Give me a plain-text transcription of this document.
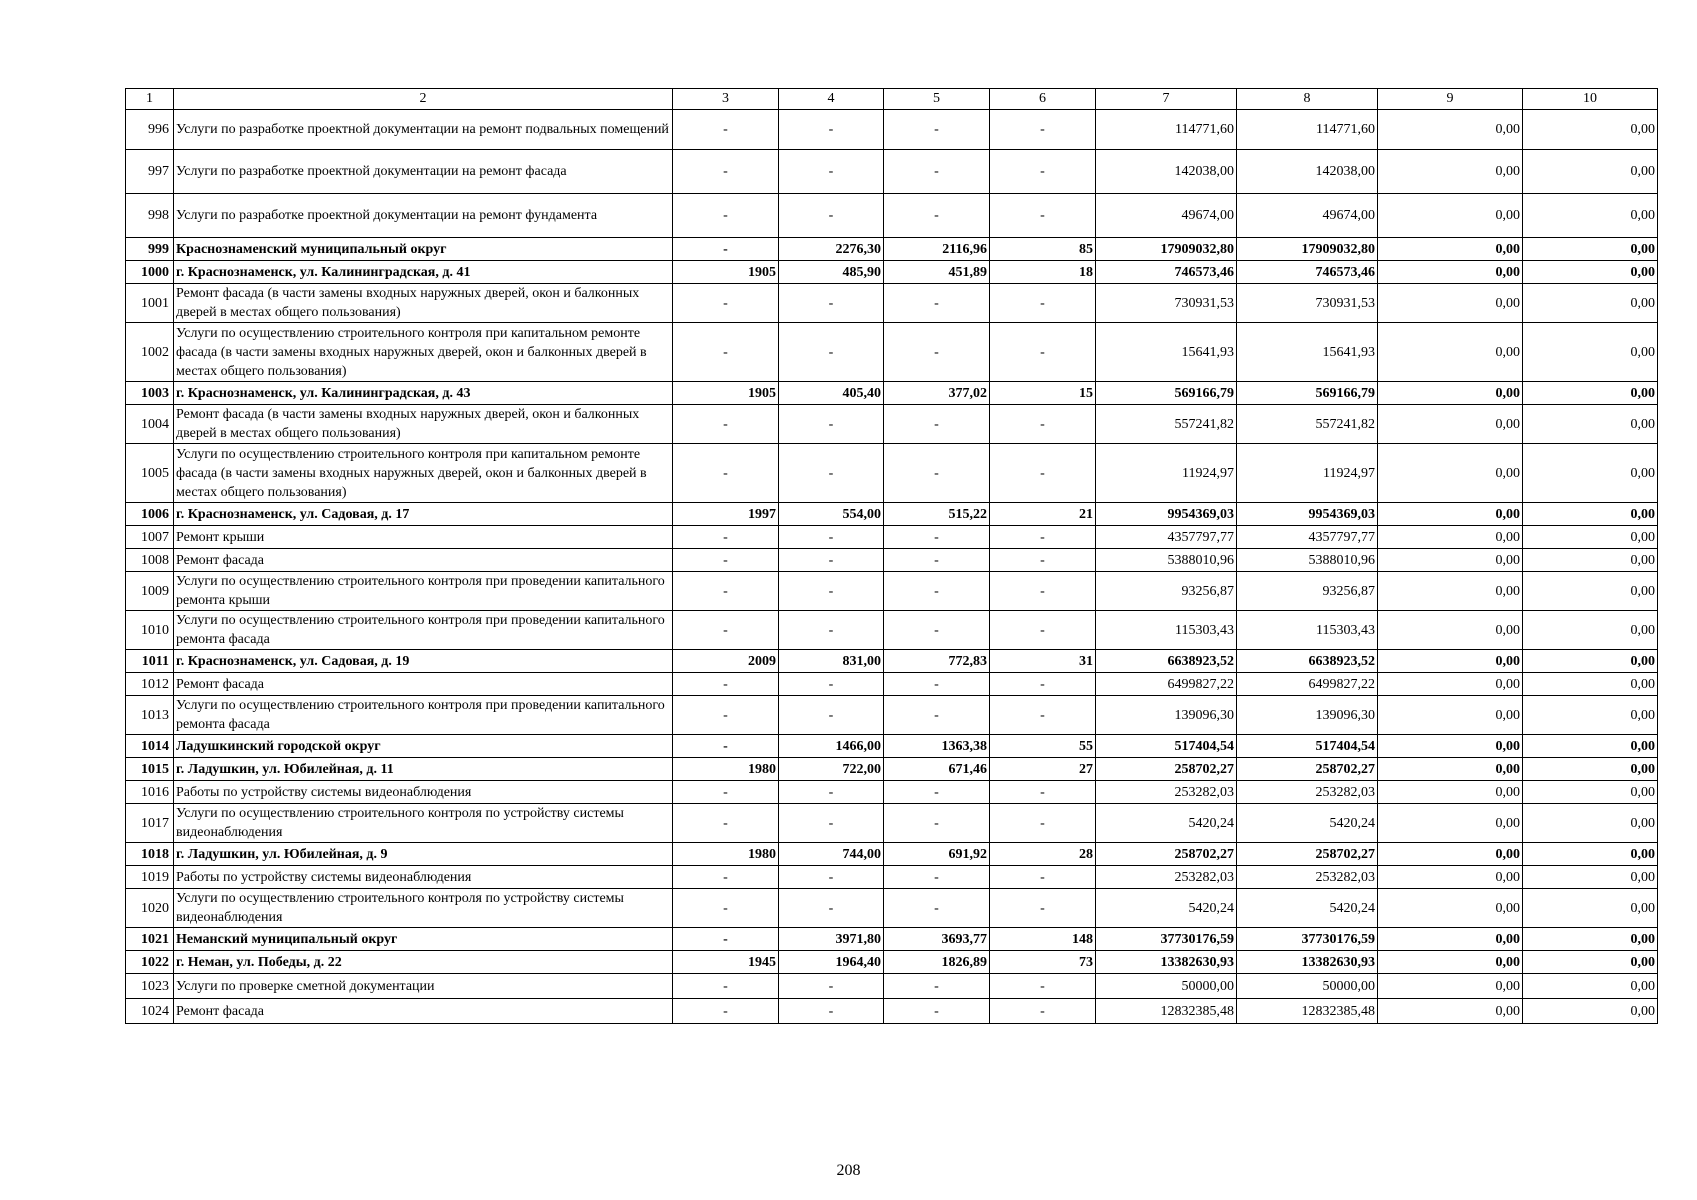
1	2	3	4	5	6	7	8	9	10
996	Услуги по разработке проектной документации на ремонт подвальных помещений	-	-	-	-	114771,60	114771,60	0,00	0,00
997	Услуги по разработке проектной документации на ремонт фасада	-	-	-	-	142038,00	142038,00	0,00	0,00
998	Услуги по разработке проектной документации на ремонт фундамента	-	-	-	-	49674,00	49674,00	0,00	0,00
999	Краснознаменский муниципальный округ	-	2276,30	2116,96	85	17909032,80	17909032,80	0,00	0,00
1000	г. Краснознаменск, ул. Калининградская, д. 41	1905	485,90	451,89	18	746573,46	746573,46	0,00	0,00
1001	Ремонт фасада (в части замены входных наружных дверей, окон и балконных дверей в местах общего пользования)	-	-	-	-	730931,53	730931,53	0,00	0,00
1002	Услуги по осуществлению строительного контроля при капитальном ремонте фасада (в части замены входных наружных дверей, окон и балконных дверей в местах общего пользования)	-	-	-	-	15641,93	15641,93	0,00	0,00
1003	г. Краснознаменск, ул. Калининградская, д. 43	1905	405,40	377,02	15	569166,79	569166,79	0,00	0,00
1004	Ремонт фасада (в части замены входных наружных дверей, окон и балконных дверей в местах общего пользования)	-	-	-	-	557241,82	557241,82	0,00	0,00
1005	Услуги по осуществлению строительного контроля при капитальном ремонте фасада (в части замены входных наружных дверей, окон и балконных дверей в местах общего пользования)	-	-	-	-	11924,97	11924,97	0,00	0,00
1006	г. Краснознаменск, ул. Садовая, д. 17	1997	554,00	515,22	21	9954369,03	9954369,03	0,00	0,00
1007	Ремонт крыши	-	-	-	-	4357797,77	4357797,77	0,00	0,00
1008	Ремонт фасада	-	-	-	-	5388010,96	5388010,96	0,00	0,00
1009	Услуги по осуществлению строительного контроля при проведении капитального ремонта крыши	-	-	-	-	93256,87	93256,87	0,00	0,00
1010	Услуги по осуществлению строительного контроля при проведении капитального ремонта фасада	-	-	-	-	115303,43	115303,43	0,00	0,00
1011	г. Краснознаменск, ул. Садовая, д. 19	2009	831,00	772,83	31	6638923,52	6638923,52	0,00	0,00
1012	Ремонт фасада	-	-	-	-	6499827,22	6499827,22	0,00	0,00
1013	Услуги по осуществлению строительного контроля при проведении капитального ремонта фасада	-	-	-	-	139096,30	139096,30	0,00	0,00
1014	Ладушкинский городской округ	-	1466,00	1363,38	55	517404,54	517404,54	0,00	0,00
1015	г. Ладушкин, ул. Юбилейная, д. 11	1980	722,00	671,46	27	258702,27	258702,27	0,00	0,00
1016	Работы по устройству системы видеонаблюдения	-	-	-	-	253282,03	253282,03	0,00	0,00
1017	Услуги по осуществлению строительного контроля по устройству системы видеонаблюдения	-	-	-	-	5420,24	5420,24	0,00	0,00
1018	г. Ладушкин, ул. Юбилейная, д. 9	1980	744,00	691,92	28	258702,27	258702,27	0,00	0,00
1019	Работы по устройству системы видеонаблюдения	-	-	-	-	253282,03	253282,03	0,00	0,00
1020	Услуги по осуществлению строительного контроля по устройству системы видеонаблюдения	-	-	-	-	5420,24	5420,24	0,00	0,00
1021	Неманский муниципальный округ	-	3971,80	3693,77	148	37730176,59	37730176,59	0,00	0,00
1022	г. Неман, ул. Победы, д. 22	1945	1964,40	1826,89	73	13382630,93	13382630,93	0,00	0,00
1023	Услуги по проверке сметной документации	-	-	-	-	50000,00	50000,00	0,00	0,00
1024	Ремонт фасада	-	-	-	-	12832385,48	12832385,48	0,00	0,00
208
